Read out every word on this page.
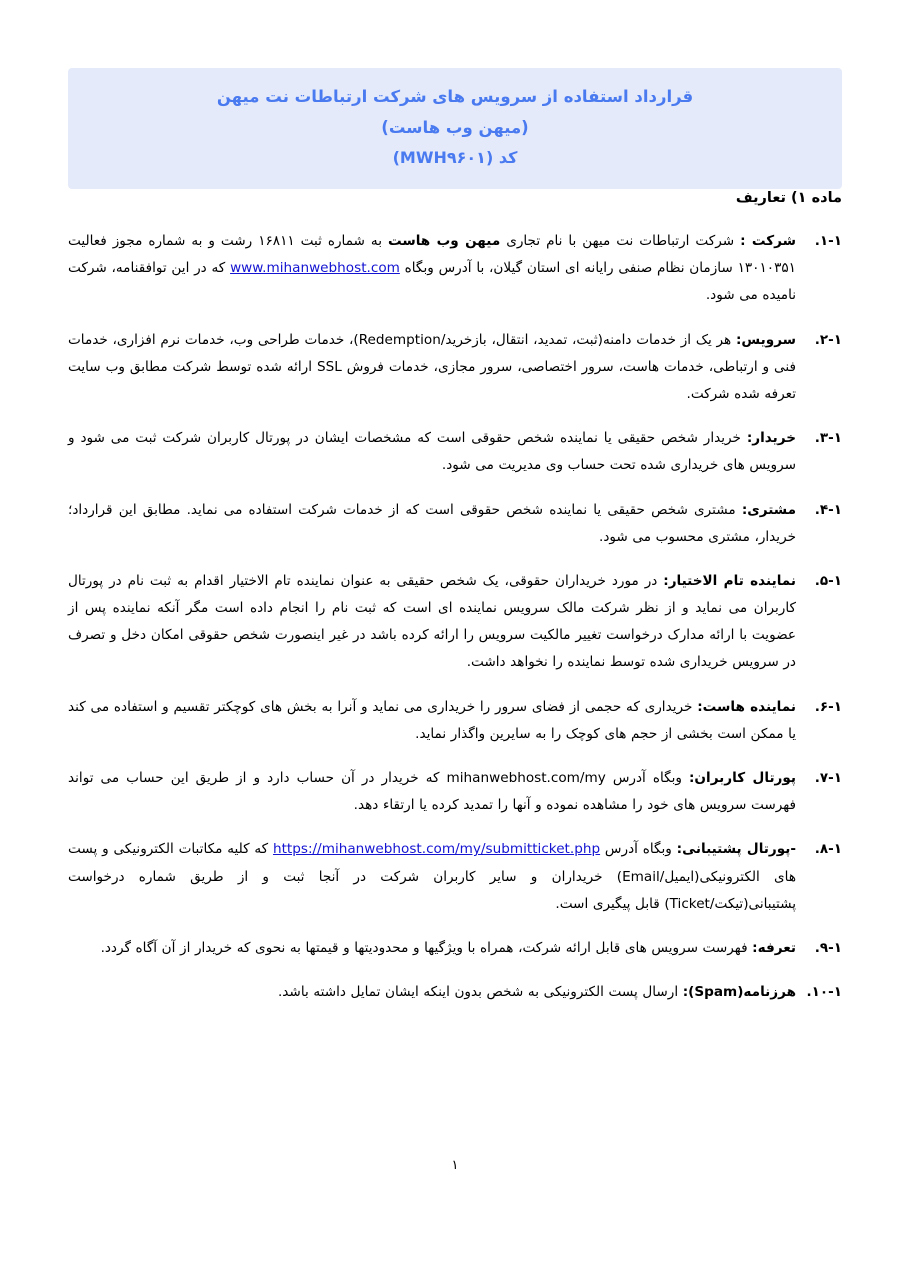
قرارداد استفاده از سرویس های شرکت ارتباطات نت میهن
(میهن وب هاست)
کد (MWH۹۶۰۱)
ماده ۱) تعاریف
۱-۱.
شرکت : شرکت ارتباطات نت میهن با نام تجاری میهن وب هاست به شماره ثبت ۱۶۸۱۱ رشت و به شماره مجوز فعالیت ۱۳۰۱۰۳۵۱ سازمان نظام صنفی رایانه ای استان گیلان، با آدرس وبگاه www.mihanwebhost.com که در این توافقنامه، شرکت نامیده می شود.
۲-۱.
سرویس: هر یک از خدمات دامنه(ثبت، تمدید، انتقال، بازخرید/Redemption)، خدمات طراحی وب، خدمات نرم افزاری، خدمات فنی و ارتباطی، خدمات هاست، سرور اختصاصی، سرور مجازی، خدمات فروش SSL ارائه شده توسط شرکت مطابق وب سایت تعرفه شده شرکت.
۳-۱.
خریدار: خریدار شخص حقیقی یا نماینده شخص حقوقی است که مشخصات ایشان در پورتال کاربران شرکت ثبت می شود و سرویس های خریداری شده تحت حساب وی مدیریت می شود.
۴-۱.
مشتری: مشتری شخص حقیقی یا نماینده شخص حقوقی است که از خدمات شرکت استفاده می نماید. مطابق این قرارداد؛ خریدار، مشتری محسوب می شود.
۵-۱.
نماینده تام الاختیار: در مورد خریداران حقوقی، یک شخص حقیقی به عنوان نماینده تام الاختیار اقدام به ثبت نام در پورتال کاربران می نماید و از نظر شرکت مالک سرویس نماینده ای است که ثبت نام را انجام داده است مگر آنکه نماینده پس از عضویت با ارائه مدارک درخواست تغییر مالکیت سرویس را ارائه کرده باشد در غیر اینصورت شخص حقوقی امکان دخل و تصرف در سرویس خریداری شده توسط نماینده را نخواهد داشت.
۶-۱.
نماینده هاست: خریداری که حجمی از فضای سرور را خریداری می نماید و آنرا به بخش های کوچکتر تقسیم و استفاده می کند یا ممکن است بخشی از حجم های کوچک را به سایرین واگذار نماید.
۷-۱.
پورتال کاربران: وبگاه آدرس mihanwebhost.com/my که خریدار در آن حساب دارد و از طریق این حساب می تواند فهرست سرویس های خود را مشاهده نموده و آنها را تمدید کرده یا ارتقاء دهد.
۸-۱.
-پورتال پشتیبانی: وبگاه آدرس https://mihanwebhost.com/my/submitticket.php که کلیه مکاتبات الکترونیکی و پست های الکترونیکی(ایمیل/Email) خریداران و سایر کاربران شرکت در آنجا ثبت و از طریق شماره درخواست پشتیبانی(تیکت/Ticket) قابل پیگیری است.
۹-۱.
تعرفه: فهرست سرویس های قابل ارائه شرکت، همراه با ویژگیها و محدودیتها و قیمتها به نحوی که خریدار از آن آگاه گردد.
۱۰-۱.
هرزنامه(Spam): ارسال پست الکترونیکی به شخص بدون اینکه ایشان تمایل داشته باشد.
۱
